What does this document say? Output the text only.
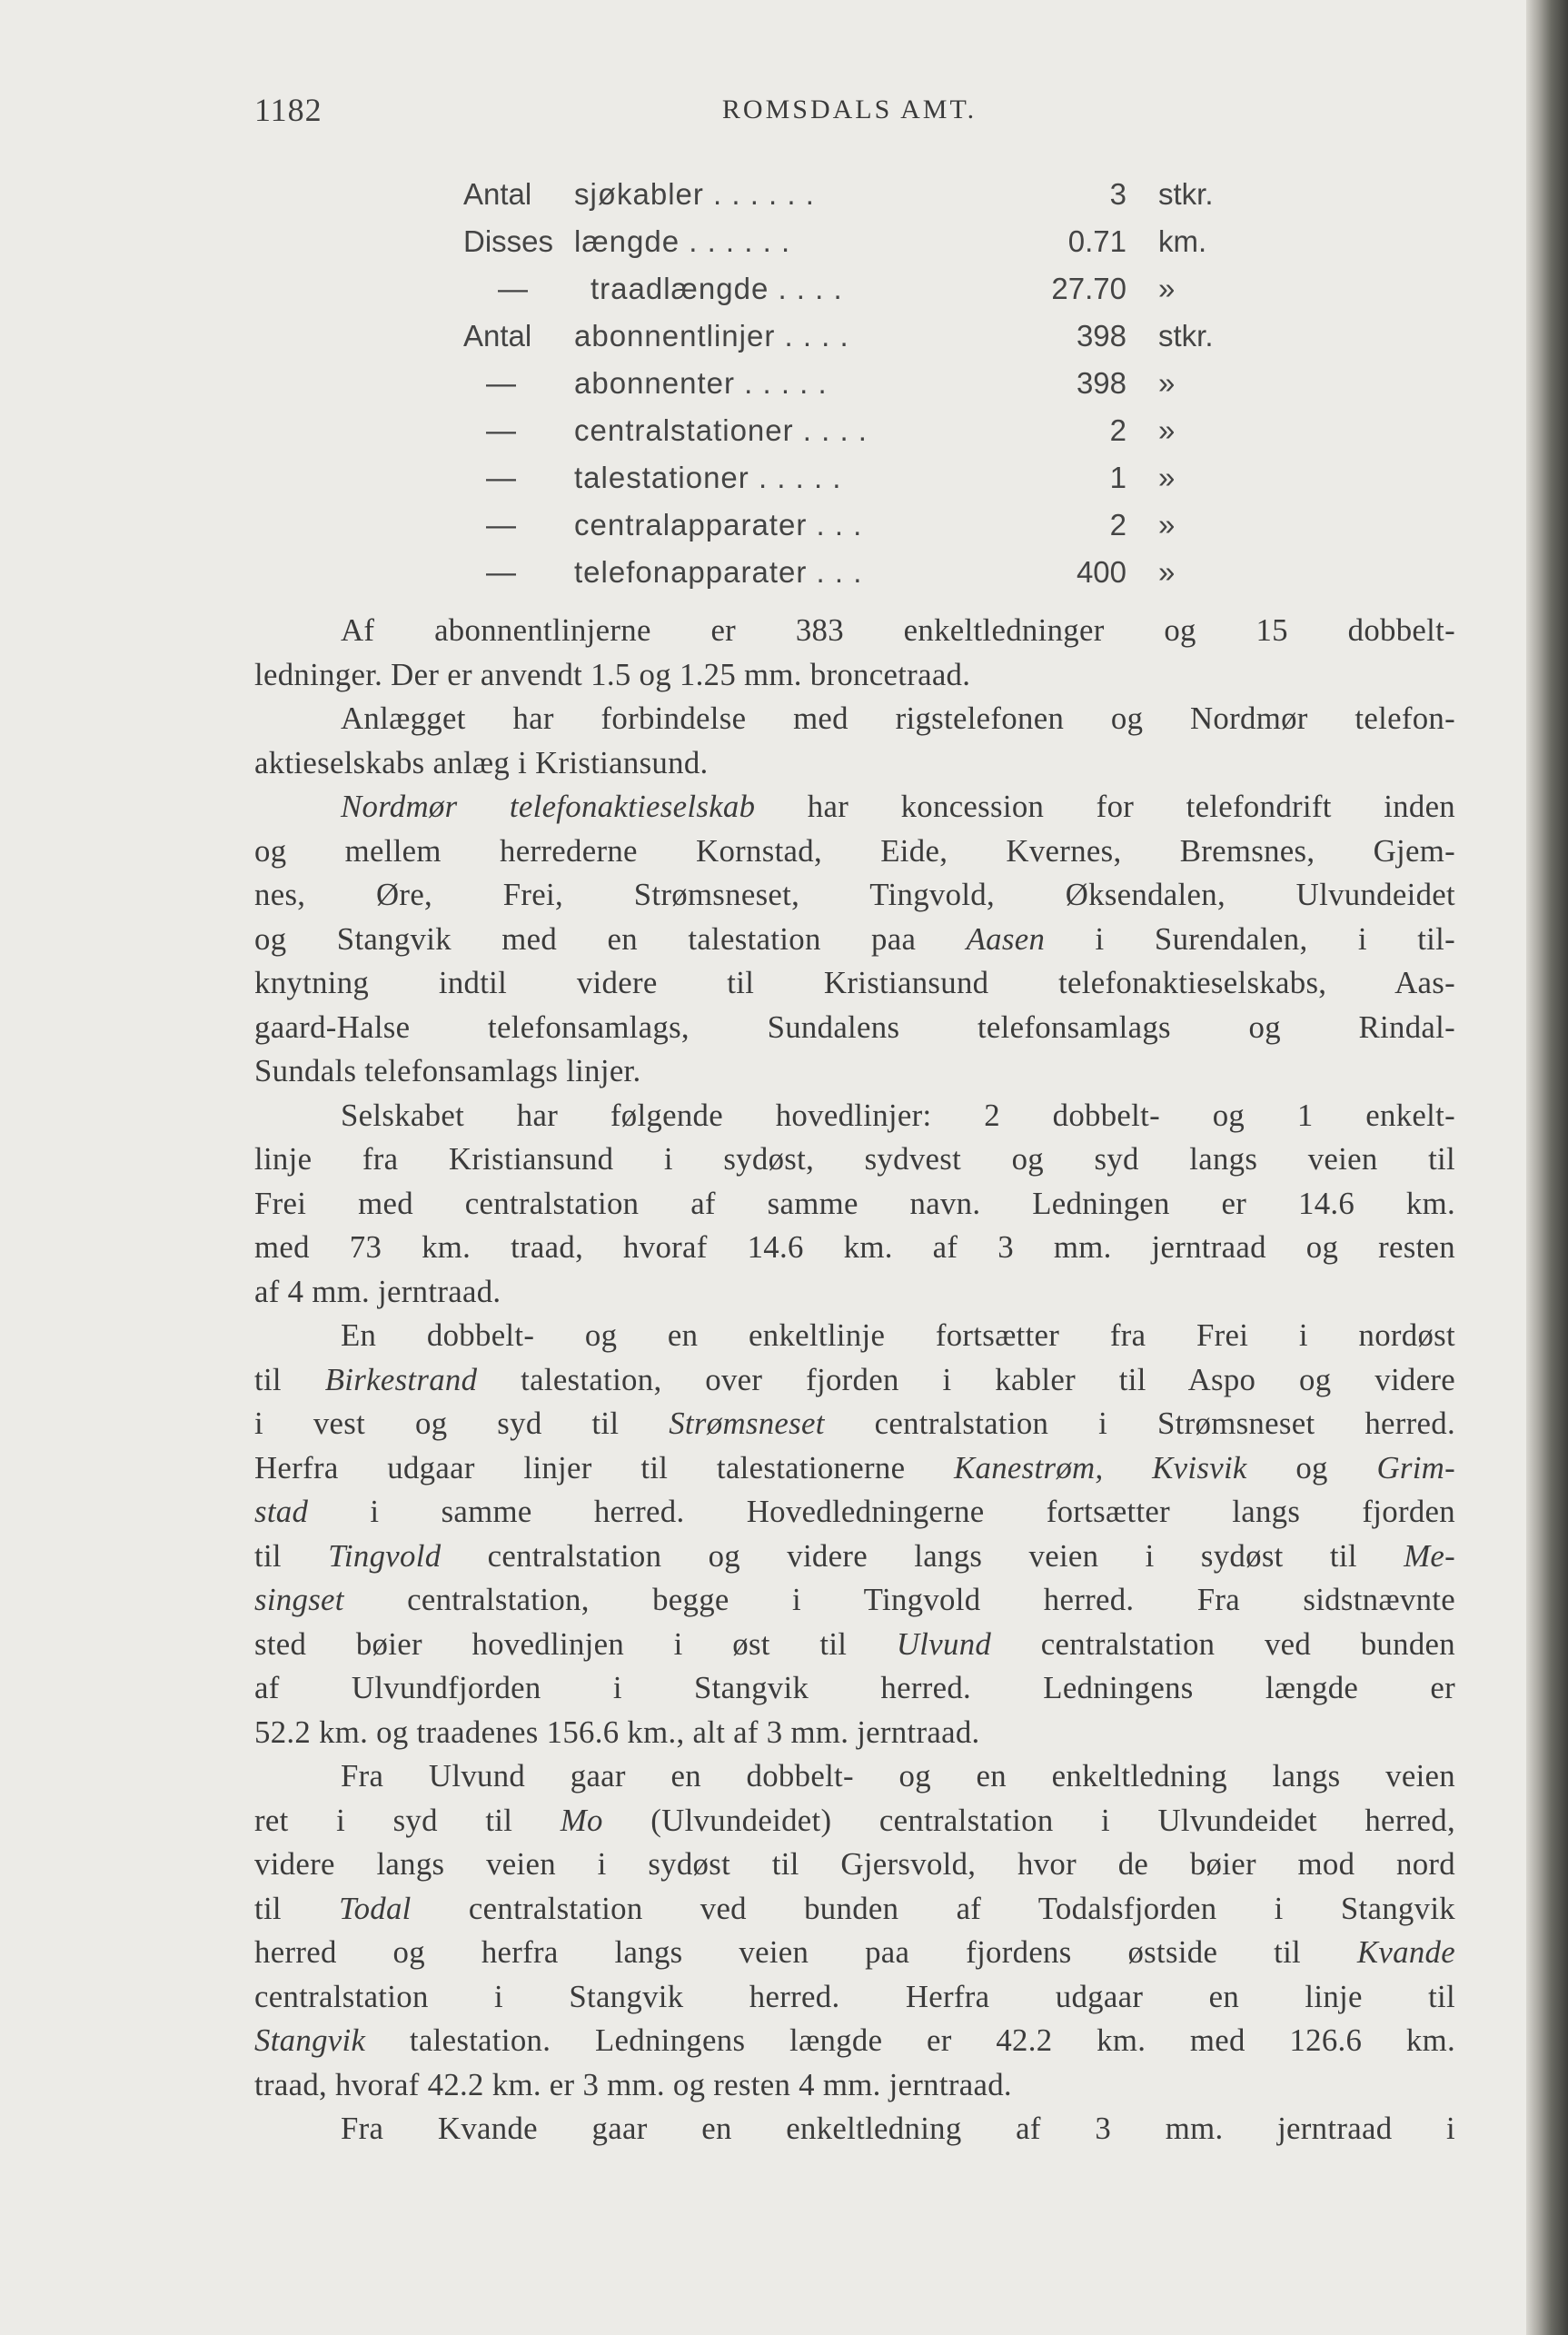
1182	ROMSDALS AMT.
Antal	sjøkabler . . . . . .	3 stkr.
Disses længde . . . . . .	0.71 km.
—	traadlængde . . . .	27.70 »
Antal	abonnentlinjer . . . .	398 stkr.
—	abonnenter . . . . .	398 »
—	centralstationer . . . .	2 »
—	talestationer . . . . .	1 »
—	centralapparater . . .	2 »
—	telefonapparater . . .	400 »
Af abonnentlinjerne er 383 enkeltledninger og 15 dobbelt-
ledninger. Der er anvendt 1.5 og 1.25 mm. broncetraad.
Anlægget har forbindelse med rigstelefonen og Nordmør telefon-
aktieselskabs anlæg i Kristiansund.
Nordmør telefonaktieselskab har koncession for telefondrift inden
og mellem herrederne Kornstad, Eide, Kvernes, Bremsnes, Gjem-
nes, Øre, Frei, Strømsneset, Tingvold, Øksendalen, Ulvundeidet
og Stangvik med en talestation paa Aasen i Surendalen, i til-
knytning indtil videre til Kristiansund telefonaktieselskabs, Aas-
gaard-Halse telefonsamlags, Sundalens telefonsamlags og Rindal-
Sundals telefonsamlags linjer.
Selskabet har følgende hovedlinjer: 2 dobbelt- og 1 enkelt-
linje fra Kristiansund i sydøst, sydvest og syd langs veien til
Frei med centralstation af samme navn. Ledningen er 14.6 km.
med 73 km. traad, hvoraf 14.6 km. af 3 mm. jerntraad og resten
af 4 mm. jerntraad.
En dobbelt- og en enkeltlinje fortsætter fra Frei i nordøst
til Birkestrand talestation, over fjorden i kabler til Aspo og videre
i vest og syd til Strømsneset centralstation i Strømsneset herred.
Herfra udgaar linjer til talestationerne Kanestrøm, Kvisvik og Grim-
stad i samme herred. Hovedledningerne fortsætter langs fjorden
til Tingvold centralstation og videre langs veien i sydøst til Me-
singset centralstation, begge i Tingvold herred. Fra sidstnævnte
sted bøier hovedlinjen i øst til Ulvund centralstation ved bunden
af Ulvundfjorden i Stangvik herred. Ledningens længde er
52.2 km. og traadenes 156.6 km., alt af 3 mm. jerntraad.
Fra Ulvund gaar en dobbelt- og en enkeltledning langs veien
ret i syd til Mo (Ulvundeidet) centralstation i Ulvundeidet herred,
videre langs veien i sydøst til Gjersvold, hvor de bøier mod nord
til Todal centralstation ved bunden af Todalsfjorden i Stangvik
herred og herfra langs veien paa fjordens østside til Kvande
centralstation i Stangvik herred. Herfra udgaar en linje til
Stangvik talestation. Ledningens længde er 42.2 km. med 126.6 km.
traad, hvoraf 42.2 km. er 3 mm. og resten 4 mm. jerntraad.
Fra Kvande gaar en enkeltledning af 3 mm. jerntraad i
